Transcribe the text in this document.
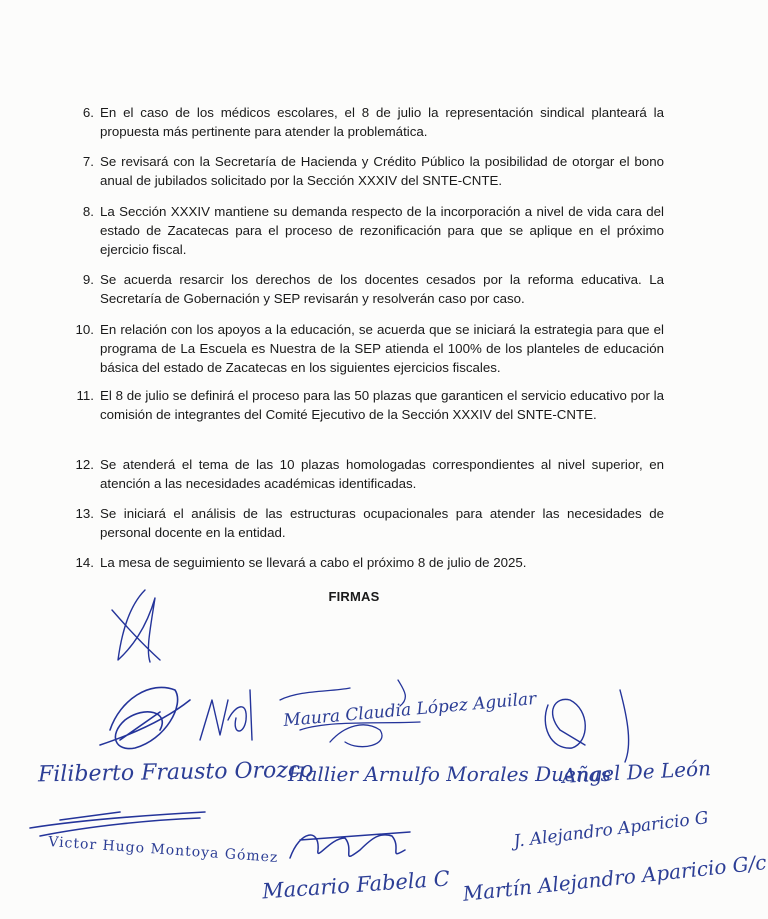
6. En el caso de los médicos escolares, el 8 de julio la representación sindical planteará la propuesta más pertinente para atender la problemática.
7. Se revisará con la Secretaría de Hacienda y Crédito Público la posibilidad de otorgar el bono anual de jubilados solicitado por la Sección XXXIV del SNTE-CNTE.
8. La Sección XXXIV mantiene su demanda respecto de la incorporación a nivel de vida cara del estado de Zacatecas para el proceso de rezonificación para que se aplique en el próximo ejercicio fiscal.
9. Se acuerda resarcir los derechos de los docentes cesados por la reforma educativa. La Secretaría de Gobernación y SEP revisarán y resolverán caso por caso.
10. En relación con los apoyos a la educación, se acuerda que se iniciará la estrategia para que el programa de La Escuela es Nuestra de la SEP atienda el 100% de los planteles de educación básica del estado de Zacatecas en los siguientes ejercicios fiscales.
11. El 8 de julio se definirá el proceso para las 50 plazas que garanticen el servicio educativo por la comisión de integrantes del Comité Ejecutivo de la Sección XXXIV del SNTE-CNTE.
12. Se atenderá el tema de las 10 plazas homologadas correspondientes al nivel superior, en atención a las necesidades académicas identificadas.
13. Se iniciará el análisis de las estructuras ocupacionales para atender las necesidades de personal docente en la entidad.
14. La mesa de seguimiento se llevará a cabo el próximo 8 de julio de 2025.
FIRMAS
Filiberto Frausto Orozco
Maura Claudia López Aguilar
Hallier Arnulfo Morales Dueñas
Angel De León
Victor Hugo Montoya Gómez
Macario Fabela C
J. Alejandro Aparicio G
Martín Alejandro Aparicio G/c
